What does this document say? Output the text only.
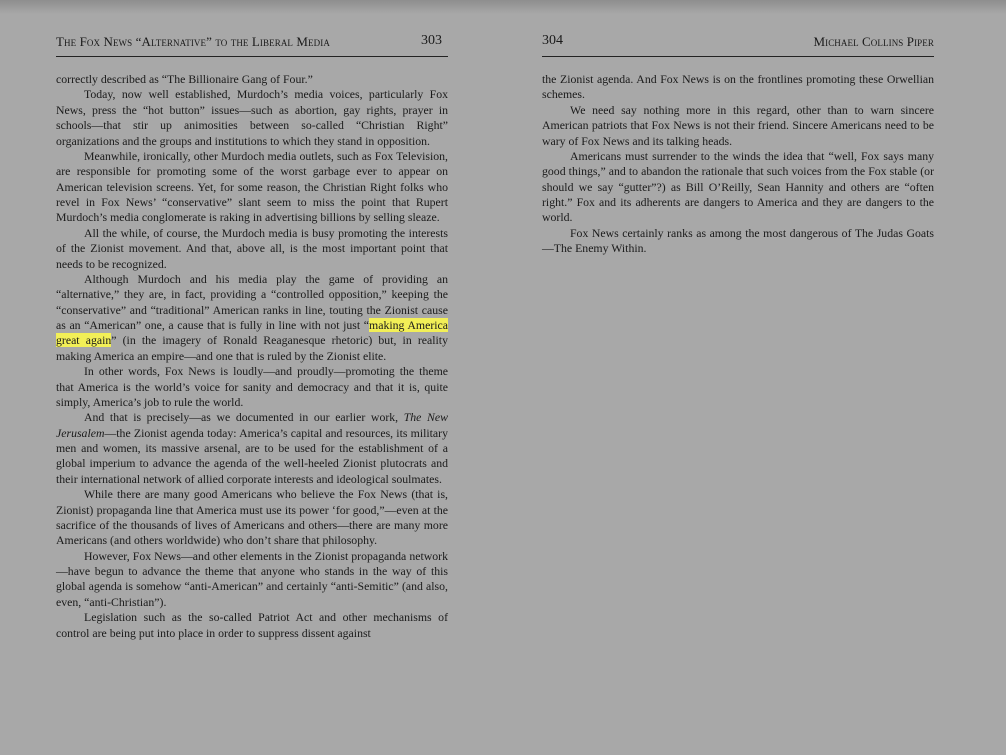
The Fox News “Alternative” to the Liberal Media	303

correctly described as “The Billionaire Gang of Four.”

Today, now well established, Murdoch’s media voices, particularly Fox News, press the “hot button” issues—such as abortion, gay rights, prayer in schools—that stir up animosities between so-called “Christian Right” organizations and the groups and institutions to which they stand in opposition.

Meanwhile, ironically, other Murdoch media outlets, such as Fox Television, are responsible for promoting some of the worst garbage ever to appear on American television screens. Yet, for some reason, the Christian Right folks who revel in Fox News’ “conservative” slant seem to miss the point that Rupert Murdoch’s media conglomerate is raking in advertising billions by selling sleaze.

All the while, of course, the Murdoch media is busy promoting the interests of the Zionist movement. And that, above all, is the most important point that needs to be recognized.

Although Murdoch and his media play the game of providing an “alternative,” they are, in fact, providing a “controlled opposition,” keeping the “conservative” and “traditional” American ranks in line, touting the Zionist cause as an “American” one, a cause that is fully in line with not just “making America great again” (in the imagery of Ronald Reaganesque rhetoric) but, in reality making America an empire—and one that is ruled by the Zionist elite.

In other words, Fox News is loudly—and proudly—promoting the theme that America is the world’s voice for sanity and democracy and that it is, quite simply, America’s job to rule the world.

And that is precisely—as we documented in our earlier work, The New Jerusalem—the Zionist agenda today: America’s capital and resources, its military men and women, its massive arsenal, are to be used for the establishment of a global imperium to advance the agenda of the well-heeled Zionist plutocrats and their international network of allied corporate interests and ideological soulmates.

While there are many good Americans who believe the Fox News (that is, Zionist) propaganda line that America must use its power ‘for good,”—even at the sacrifice of the thousands of lives of Americans and others—there are many more Americans (and others worldwide) who don’t share that philosophy.

However, Fox News—and other elements in the Zionist propaganda network—have begun to advance the theme that anyone who stands in the way of this global agenda is somehow “anti-American” and certainly “anti-Semitic” (and also, even, “anti-Christian”).

Legislation such as the so-called Patriot Act and other mechanisms of control are being put into place in order to suppress dissent against

304	Michael Collins Piper

the Zionist agenda. And Fox News is on the frontlines promoting these Orwellian schemes.

We need say nothing more in this regard, other than to warn sincere American patriots that Fox News is not their friend. Sincere Americans need to be wary of Fox News and its talking heads.

Americans must surrender to the winds the idea that “well, Fox says many good things,” and to abandon the rationale that such voices from the Fox stable (or should we say “gutter”?) as Bill O’Reilly, Sean Hannity and others are “often right.” Fox and its adherents are dangers to America and they are dangers to the world.

Fox News certainly ranks as among the most dangerous of The Judas Goats—The Enemy Within.
